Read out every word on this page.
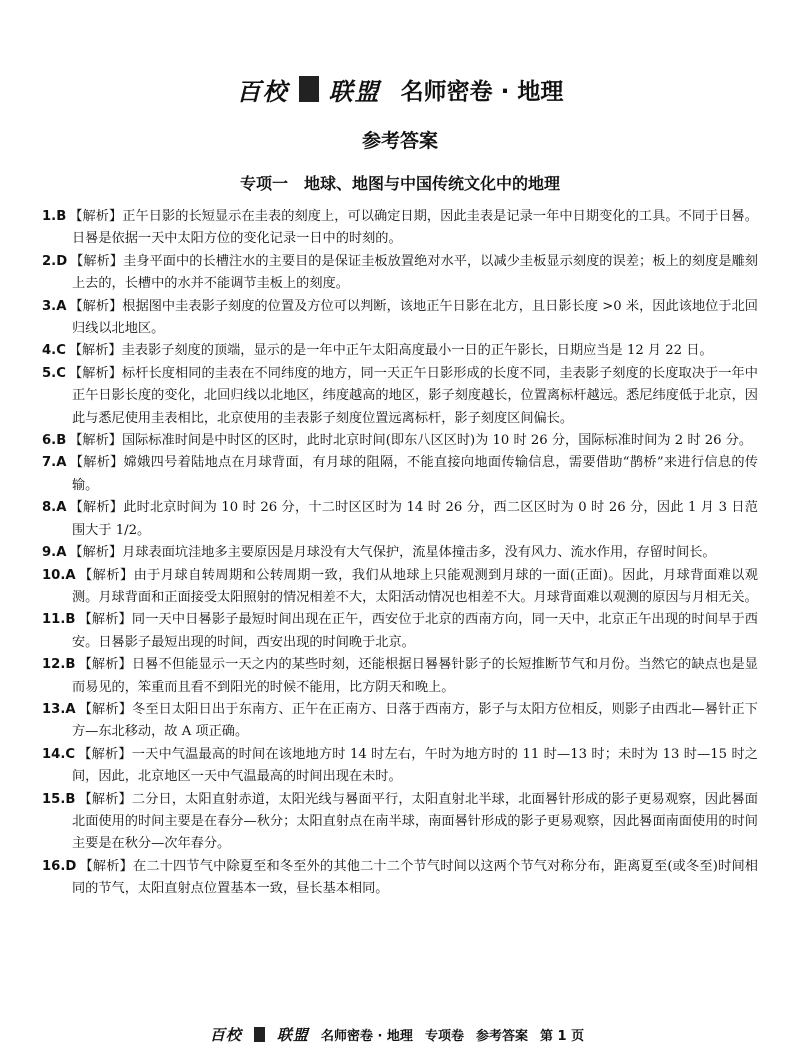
百校 联盟 名师密卷 · 地理
参考答案
专项一　地球、地图与中国传统文化中的地理
1.B 【解析】正午日影的长短显示在圭表的刻度上，可以确定日期，因此圭表是记录一年中日期变化的工具。不同于日晷。日晷是依据一天中太阳方位的变化记录一日中的时刻的。
2.D 【解析】圭身平面中的长槽注水的主要目的是保证圭板放置绝对水平，以减少圭板显示刻度的误差；板上的刻度是雕刻上去的，长槽中的水并不能调节圭板上的刻度。
3.A 【解析】根据图中圭表影子刻度的位置及方位可以判断，该地正午日影在北方，且日影长度 >0 米，因此该地位于北回归线以北地区。
4.C 【解析】圭表影子刻度的顶端，显示的是一年中正午太阳高度最小一日的正午影长，日期应当是 12 月 22 日。
5.C 【解析】标杆长度相同的圭表在不同纬度的地方，同一天正午日影形成的长度不同，圭表影子刻度的长度取决于一年中正午日影长度的变化，北回归线以北地区，纬度越高的地区，影子刻度越长，位置离标杆越远。悉尼纬度低于北京，因此与悉尼使用圭表相比，北京使用的圭表影子刻度位置远离标杆，影子刻度区间偏长。
6.B 【解析】国际标准时间是中时区的区时，此时北京时间(即东八区区时)为 10 时 26 分，国际标准时间为 2 时 26 分。
7.A 【解析】嫦娥四号着陆地点在月球背面，有月球的阻隔，不能直接向地面传输信息，需要借助“鹊桥”来进行信息的传输。
8.A 【解析】此时北京时间为 10 时 26 分，十二时区区时为 14 时 26 分，西二区区时为 0 时 26 分，因此 1 月 3 日范围大于 1/2。
9.A 【解析】月球表面坑洼地多主要原因是月球没有大气保护，流星体撞击多，没有风力、流水作用，存留时间长。
10.A 【解析】由于月球自转周期和公转周期一致，我们从地球上只能观测到月球的一面(正面)。因此，月球背面难以观测。月球背面和正面接受太阳照射的情况相差不大，太阳活动情况也相差不大。月球背面难以观测的原因与月相无关。
11.B 【解析】同一天中日晷影子最短时间出现在正午，西安位于北京的西南方向，同一天中，北京正午出现的时间早于西安。日晷影子最短出现的时间，西安出现的时间晚于北京。
12.B 【解析】日晷不但能显示一天之内的某些时刻，还能根据日晷晷针影子的长短推断节气和月份。当然它的缺点也是显而易见的，笨重而且看不到阳光的时候不能用，比方阴天和晚上。
13.A 【解析】冬至日太阳日出于东南方、正午在正南方、日落于西南方，影子与太阳方位相反，则影子由西北—晷针正下方—东北移动，故 A 项正确。
14.C 【解析】一天中气温最高的时间在该地地方时 14 时左右，午时为地方时的 11 时—13 时；未时为 13 时—15 时之间，因此，北京地区一天中气温最高的时间出现在未时。
15.B 【解析】二分日，太阳直射赤道，太阳光线与晷面平行，太阳直射北半球，北面晷针形成的影子更易观察，因此晷面北面使用的时间主要是在春分—秋分；太阳直射点在南半球，南面晷针形成的影子更易观察，因此晷面南面使用的时间主要是在秋分—次年春分。
16.D 【解析】在二十四节气中除夏至和冬至外的其他二十二个节气时间以这两个节气对称分布，距离夏至(或冬至)时间相同的节气，太阳直射点位置基本一致，昼长基本相同。
百校 联盟 名师密卷 · 地理 专项卷 参考答案 第 1 页
